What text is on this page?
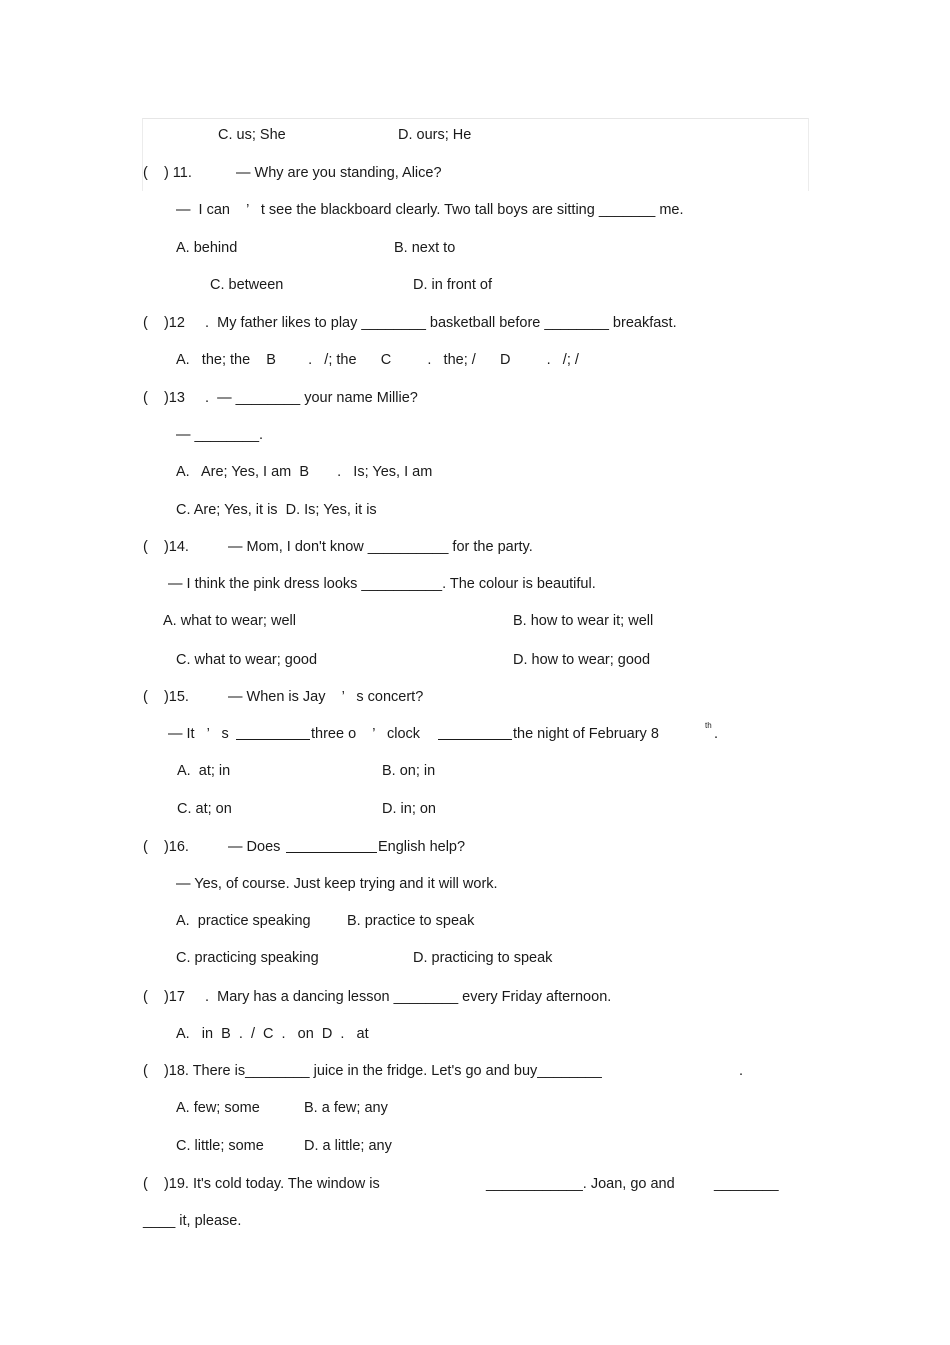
C. us; She	D. ours; He
(    ) 11.	— Why are you standing, Alice?
—  I can    ’   t see the blackboard clearly. Two tall boys are sitting _______ me.
A. behind	B. next to
C. between	D. in front of
(    )12     .  My father likes to play ________ basketball before ________ breakfast.
A.   the; the    B        .   /; the      C         .   the; /      D         .   /; /
(    )13     .  — ________ your name Millie?
— ________.
A.   Are; Yes, I am  B       .   Is; Yes, I am
C. Are; Yes, it is  D. Is; Yes, it is
(    )14.	— Mom, I don't know __________ for the party.
— I think the pink dress looks __________. The colour is beautiful.
A. what to wear; well	B. how to wear it; well
C. what to wear; good	D. how to wear; good
(    )15.	— When is Jay    ’   s concert?
— It   ’   s	three o    ’   clock	the night of February 8
th
.
A.  at; in	B. on; in
C. at; on	D. in; on
(    )16.	— Does	English help?
— Yes, of course. Just keep trying and it will work.
A.  practice speaking	B. practice to speak
C. practicing speaking	D. practicing to speak
(    )17     .  Mary has a dancing lesson ________ every Friday afternoon.
A.   in  B  .  /  C  .   on  D  .   at
(    )18. There is________ juice in the fridge. Let's go and buy________	.
A. few; some	B. a few; any
C. little; some	D. a little; any
(    )19. It's cold today. The window is	____________. Joan, go and	________
____ it, please.
